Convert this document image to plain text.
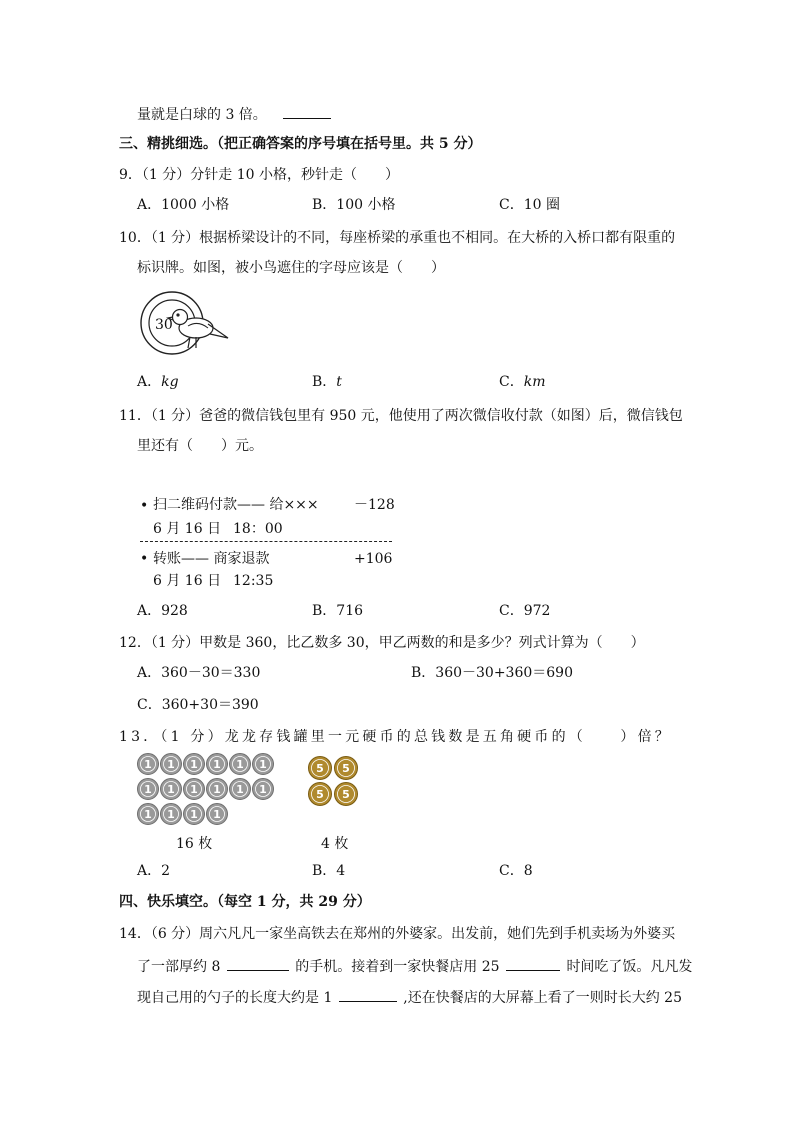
量就是白球的 3 倍。
三、精挑细选。（把正确答案的序号填在括号里。共 5 分）
9．（1 分）分针走 10 小格，秒针走（　　）
A．1000 小格	B．100 小格	C．10 圈
10．（1 分）根据桥梁设计的不同，每座桥梁的承重也不相同。在大桥的入桥口都有限重的
标识牌。如图，被小鸟遮住的字母应该是（　　）
30
A．kg	B．t	C．km
11．（1 分）爸爸的微信钱包里有 950 元，他使用了两次微信收付款（如图）后，微信钱包
里还有（　　）元。
• 扫二维码付款—— 给×××	－128
6 月 16 日 18：00
• 转账—— 商家退款	+106
6 月 16 日 12:35
A．928	B．716	C．972
12．（1 分）甲数是 360，比乙数多 30，甲乙两数的和是多少？列式计算为（　　）
A．360－30＝330	B．360－30+360＝690
C．360+30＝390
13．（1 分）龙龙存钱罐里一元硬币的总钱数是五角硬币的（　　）倍？
1 1 1 1 1 1
1 1 1 1 1 1
1 1 1 1
5 5
5 5
16 枚	4 枚
A．2	B．4	C．8
四、快乐填空。（每空 1 分，共 29 分）
14．（6 分）周六凡凡一家坐高铁去在郑州的外婆家。出发前，她们先到手机卖场为外婆买
了一部厚约 8	的手机。接着到一家快餐店用 25	时间吃了饭。凡凡发
现自己用的勺子的长度大约是 1	,还在快餐店的大屏幕上看了一则时长大约 25
